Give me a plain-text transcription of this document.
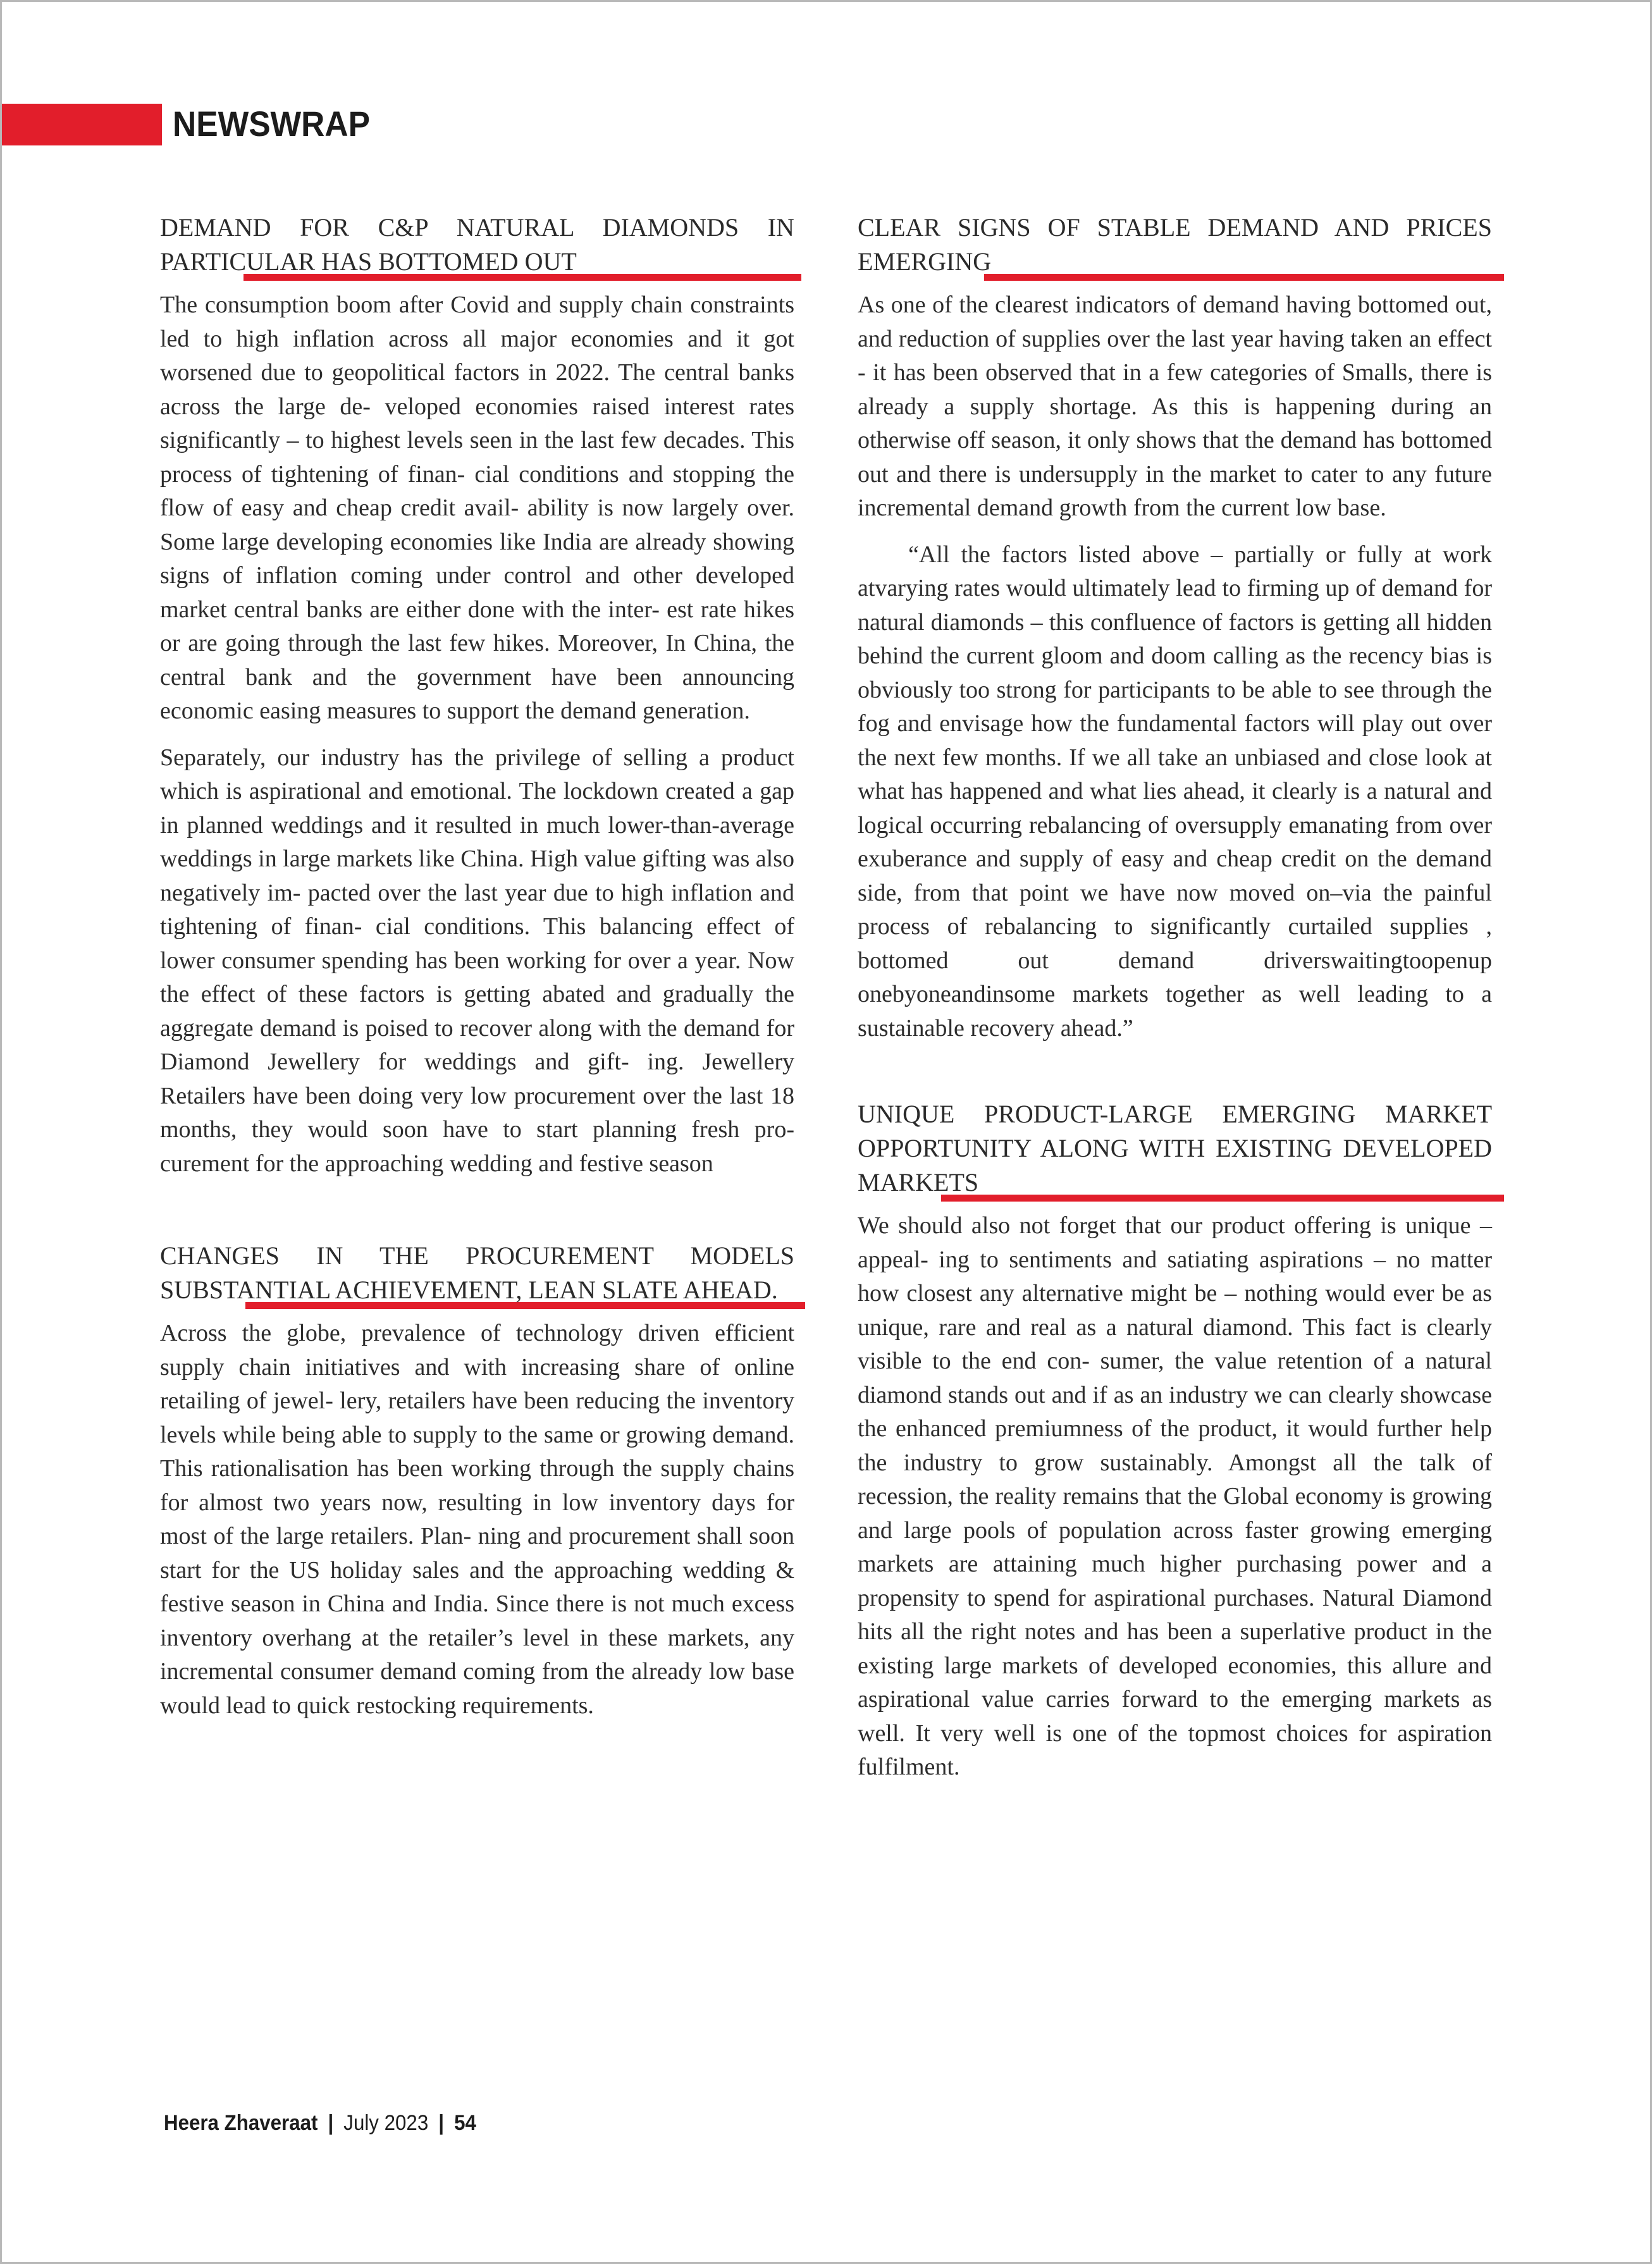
NEWSWRAP
DEMAND FOR C&P NATURAL DIAMONDS IN PARTICULAR HAS BOTTOMED OUT

The consumption boom after Covid and supply chain constraints led to high inflation across all major economies and it got worsened due to geopolitical factors in 2022. The central banks across the large de- veloped economies raised interest rates significantly – to highest levels seen in the last few decades. This process of tightening of finan- cial conditions and stopping the flow of easy and cheap credit avail- ability is now largely over. Some large developing economies like India are already showing signs of inflation coming under control and other developed market central banks are either done with the inter- est rate hikes or are going through the last few hikes. Moreover, In China, the central bank and the government have been announcing economic easing measures to support the demand generation.

Separately, our industry has the privilege of selling a product which is aspirational and emotional. The lockdown created a gap in planned weddings and it resulted in much lower-than-average weddings in large markets like China. High value gifting was also negatively im- pacted over the last year due to high inflation and tightening of finan- cial conditions. This balancing effect of lower consumer spending has been working for over a year. Now the effect of these factors is getting abated and gradually the aggregate demand is poised to recover along with the demand for Diamond Jewellery for weddings and gift- ing. Jewellery Retailers have been doing very low procurement over the last 18 months, they would soon have to start planning fresh pro- curement for the approaching wedding and festive season

CHANGES IN THE PROCUREMENT MODELS SUBSTANTIAL ACHIEVEMENT, LEAN SLATE AHEAD.

Across the globe, prevalence of technology driven efficient supply chain initiatives and with increasing share of online retailing of jewel- lery, retailers have been reducing the inventory levels while being able to supply to the same or growing demand. This rationalisation has been working through the supply chains for almost two years now, resulting in low inventory days for most of the large retailers. Plan- ning and procurement shall soon start for the US holiday sales and the approaching wedding & festive season in China and India. Since there is not much excess inventory overhang at the retailer’s level in these markets, any incremental consumer demand coming from the already low base would lead to quick restocking requirements.

CLEAR SIGNS OF STABLE DEMAND AND PRICES EMERGING

As one of the clearest indicators of demand having bottomed out, and reduction of supplies over the last year having taken an effect - it has been observed that in a few categories of Smalls, there is already a supply shortage. As this is happening during an otherwise off season, it only shows that the demand has bottomed out and there is undersupply in the market to cater to any future incremental demand growth from the current low base.

“All the factors listed above – partially or fully at work atvarying rates would ultimately lead to firming up of demand for natural diamonds – this confluence of factors is getting all hidden behind the current gloom and doom calling as the recency bias is obviously too strong for participants to be able to see through the fog and envisage how the fundamental factors will play out over the next few months. If we all take an unbiased and close look at what has happened and what lies ahead, it clearly is a natural and logical occurring rebalancing of oversupply emanating from over exuberance and supply of easy and cheap credit on the demand side, from that point we have now moved on–via the painful process of rebalancing to significantly curtailed supplies , bottomed out demand driverswaitingtoopenup onebyoneandinsome markets together as well leading to a sustainable recovery ahead.”

UNIQUE PRODUCT-LARGE EMERGING MARKET OPPORTUNITY ALONG WITH EXISTING DEVELOPED MARKETS

We should also not forget that our product offering is unique – appeal- ing to sentiments and satiating aspirations – no matter how closest any alternative might be – nothing would ever be as unique, rare and real as a natural diamond. This fact is clearly visible to the end con- sumer, the value retention of a natural diamond stands out and if as an industry we can clearly showcase the enhanced premiumness of the product, it would further help the industry to grow sustainably. Amongst all the talk of recession, the reality remains that the Global economy is growing and large pools of population across faster growing emerging markets are attaining much higher purchasing power and a propensity to spend for aspirational purchases. Natural Diamond hits all the right notes and has been a superlative product in the existing large markets of developed economies, this allure and aspirational value carries forward to the emerging markets as well. It very well is one of the topmost choices for aspiration fulfilment.

Heera Zhaveraat | July 2023 | 54
